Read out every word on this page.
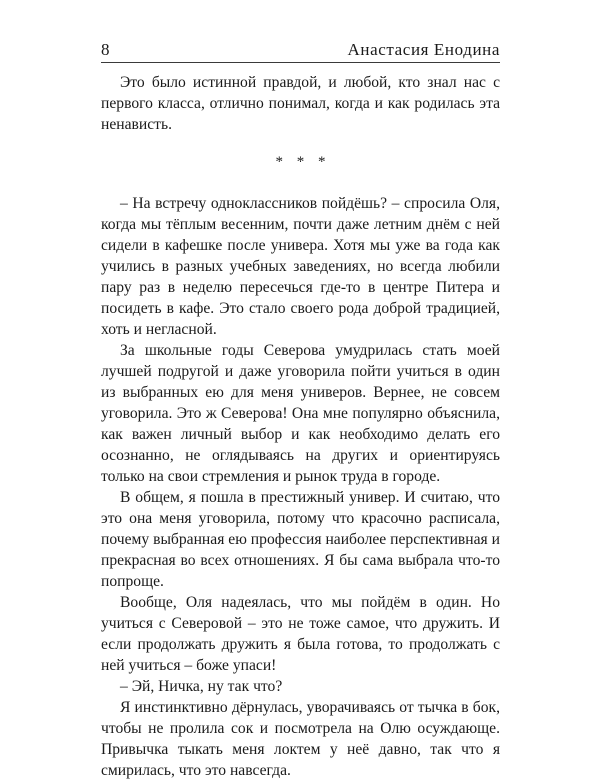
8	Анастасия Енодина

Это было истинной правдой, и любой, кто знал нас с первого класса, отлично понимал, когда и как родилась эта ненависть.

* * *

– На встречу одноклассников пойдёшь? – спросила Оля, когда мы тёплым весенним, почти даже летним днём с ней сидели в кафешке после универа. Хотя мы уже ва года как учились в разных учебных заведениях, но всегда любили пару раз в неделю пересечься где-то в центре Питера и посидеть в кафе. Это стало своего рода доброй традицией, хоть и негласной.

За школьные годы Северова умудрилась стать моей лучшей подругой и даже уговорила пойти учиться в один из выбранных ею для меня универов. Вернее, не совсем уговорила. Это ж Северова! Она мне популярно объяснила, как важен личный выбор и как необходимо делать его осознанно, не оглядываясь на других и ориентируясь только на свои стремления и рынок труда в городе.

В общем, я пошла в престижный универ. И считаю, что это она меня уговорила, потому что красочно расписала, почему выбранная ею профессия наиболее перспективная и прекрасная во всех отношениях. Я бы сама выбрала что-то попроще.

Вообще, Оля надеялась, что мы пойдём в один. Но учиться с Северовой – это не тоже самое, что дружить. И если продолжать дружить я была готова, то продолжать с ней учиться – боже упаси!

– Эй, Ничка, ну так что?

Я инстинктивно дёрнулась, уворачиваясь от тычка в бок, чтобы не пролила сок и посмотрела на Олю осуждающе. Привычка тыкать меня локтем у неё давно, так что я смирилась, что это навсегда.
